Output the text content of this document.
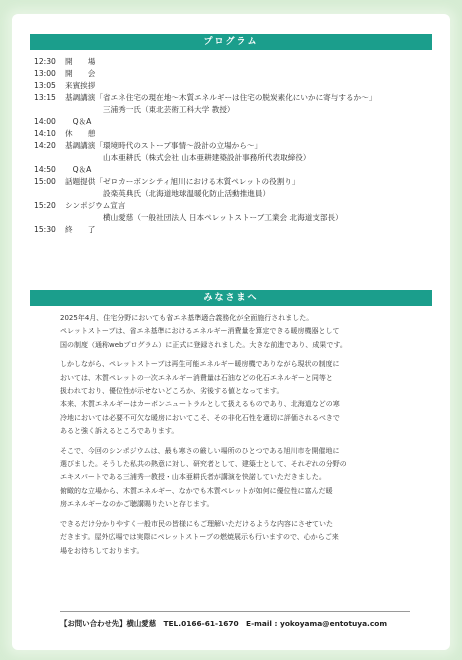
プログラム
12:30	開　　場
13:00	開　　会
13:05	来賓挨拶
13:15	基調講演「省エネ住宅の現在地～木質エネルギーは住宅の脱炭素化にいかに寄与するか～」
三浦秀一氏（東北芸術工科大学 教授）
14:00	　Q＆A
14:10	休　　憩
14:20	基調講演「環境時代のストーブ事情～設計の立場から～」
山本亜耕氏（株式会社 山本亜耕建築設計事務所代表取締役）
14:50	　Q＆A
15:00	話題提供「ゼロカーボンシティ旭川における木質ペレットの役割り」
設楽英典氏（北海道地球温暖化防止活動推進員）
15:20	シンポジウム宣言
横山愛慈（一般社団法人 日本ペレットストーブ工業会 北海道支部長）
15:30	終　　了
みなさまへ

2025年4月、住宅分野においても省エネ基準適合義務化が全面施行されました。

ペレットストーブは、省エネ基準におけるエネルギー消費量を算定できる暖房機器として

国の制度（通称webプログラム）に正式に登録されました。大きな前進であり、成果です。

しかしながら、ペレットストーブは再生可能エネルギー暖房機でありながら現状の制度に

おいては、木質ペレットの一次エネルギー消費量は石油などの化石エネルギーと同等と

扱われており、優位性が示せないどころか、劣後する値となってます。

本来、木質エネルギーはカーボンニュートラルとして扱えるものであり、北海道などの寒

冷地においては必要不可欠な暖房においてこそ、その非化石性を適切に評価されるべきで

あると強く訴えるところであります。

そこで、今回のシンポジウムは、最も寒さの厳しい場所のひとつである旭川市を開催地に

選びました。そうした私共の熱意に対し、研究者として、建築士として、それぞれの分野の

エキスパートである三浦秀一教授・山本亜耕氏者が講演を快諾していただきました。

俯瞰的な立場から、木質エネルギー、なかでも木質ペレットが如何に優位性に富んだ暖

房エネルギーなのかご聴講賜りたいと存じます。

できるだけ分かりやすく一般市民の皆様にもご理解いただけるような内容にさせていた

だきます。屋外広場では実際にペレットストーブの燃焼展示も行いますので、心からご来

場をお待ちしております。

【お問い合わせ先】横山愛慈　TEL.0166-61-1670　E-mail : yokoyama@entotuya.com
